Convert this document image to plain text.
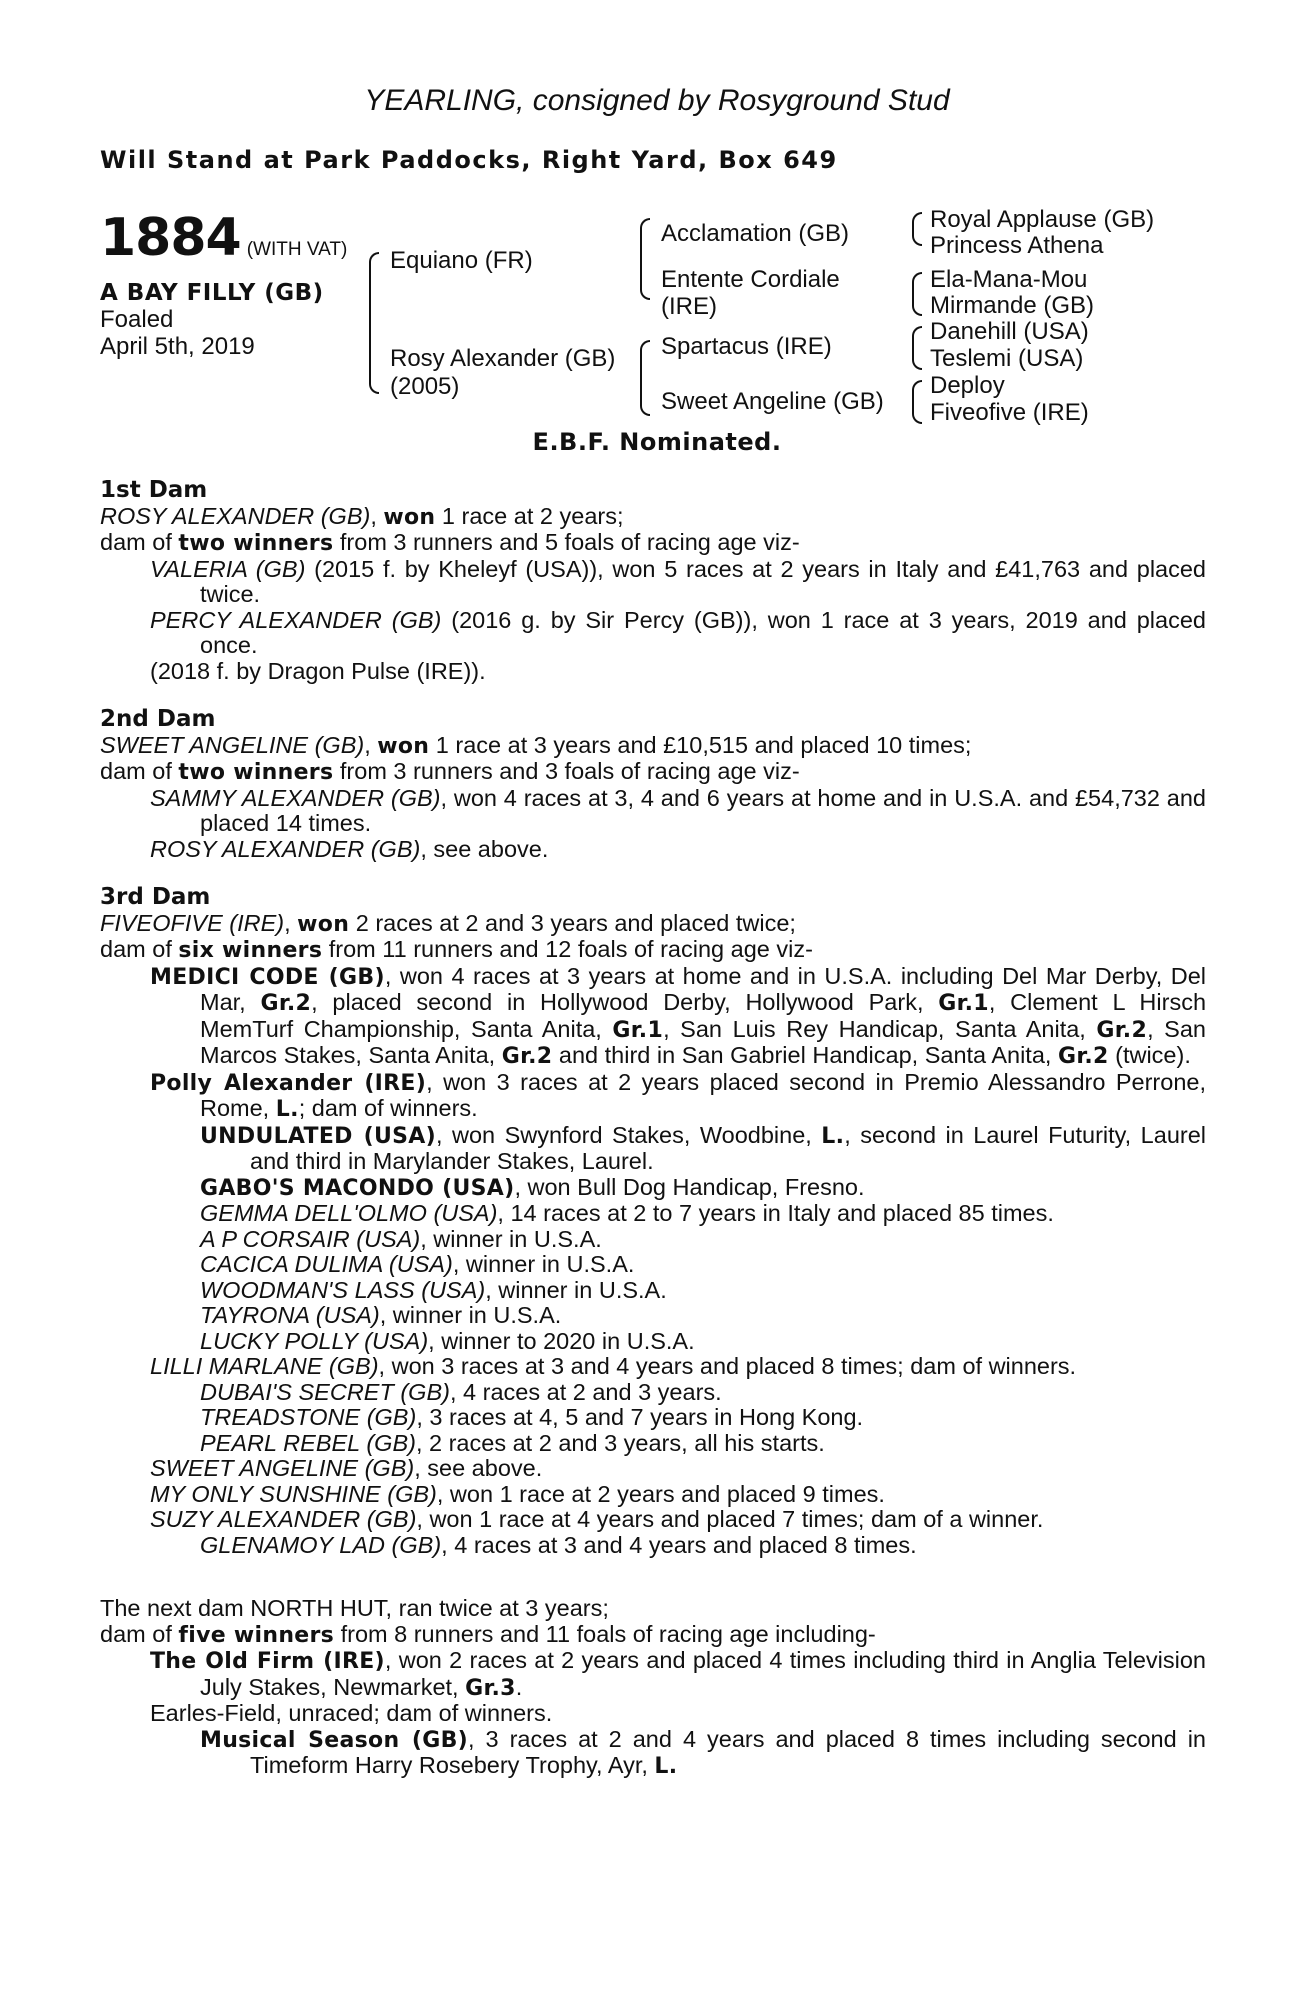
YEARLING, consigned by Rosyground Stud
Will Stand at Park Paddocks, Right Yard, Box 649
1884 (WITH VAT)
A BAY FILLY (GB)
Foaled
April 5th, 2019
Equiano (FR)
Rosy Alexander (GB)
(2005)
Acclamation (GB)
Entente Cordiale
(IRE)
Spartacus (IRE)
Sweet Angeline (GB)
Royal Applause (GB)
Princess Athena
Ela-Mana-Mou
Mirmande (GB)
Danehill (USA)
Teslemi (USA)
Deploy
Fiveofive (IRE)
E.B.F. Nominated.
1st Dam
ROSY ALEXANDER (GB), won 1 race at 2 years;
dam of two winners from 3 runners and 5 foals of racing age viz-
VALERIA (GB) (2015 f. by Kheleyf (USA)), won 5 races at 2 years in Italy and £41,763 and placed twice.
PERCY ALEXANDER (GB) (2016 g. by Sir Percy (GB)), won 1 race at 3 years, 2019 and placed once.
(2018 f. by Dragon Pulse (IRE)).
2nd Dam
SWEET ANGELINE (GB), won 1 race at 3 years and £10,515 and placed 10 times;
dam of two winners from 3 runners and 3 foals of racing age viz-
SAMMY ALEXANDER (GB), won 4 races at 3, 4 and 6 years at home and in U.S.A. and £54,732 and placed 14 times.
ROSY ALEXANDER (GB), see above.
3rd Dam
FIVEOFIVE (IRE), won 2 races at 2 and 3 years and placed twice;
dam of six winners from 11 runners and 12 foals of racing age viz-
MEDICI CODE (GB), won 4 races at 3 years at home and in U.S.A. including Del Mar Derby, Del Mar, Gr.2, placed second in Hollywood Derby, Hollywood Park, Gr.1, Clement L Hirsch MemTurf Championship, Santa Anita, Gr.1, San Luis Rey Handicap, Santa Anita, Gr.2, San Marcos Stakes, Santa Anita, Gr.2 and third in San Gabriel Handicap, Santa Anita, Gr.2 (twice).
Polly Alexander (IRE), won 3 races at 2 years placed second in Premio Alessandro Perrone, Rome, L.; dam of winners.
UNDULATED (USA), won Swynford Stakes, Woodbine, L., second in Laurel Futurity, Laurel and third in Marylander Stakes, Laurel.
GABO'S MACONDO (USA), won Bull Dog Handicap, Fresno.
GEMMA DELL'OLMO (USA), 14 races at 2 to 7 years in Italy and placed 85 times.
A P CORSAIR (USA), winner in U.S.A.
CACICA DULIMA (USA), winner in U.S.A.
WOODMAN'S LASS (USA), winner in U.S.A.
TAYRONA (USA), winner in U.S.A.
LUCKY POLLY (USA), winner to 2020 in U.S.A.
LILLI MARLANE (GB), won 3 races at 3 and 4 years and placed 8 times; dam of winners.
DUBAI'S SECRET (GB), 4 races at 2 and 3 years.
TREADSTONE (GB), 3 races at 4, 5 and 7 years in Hong Kong.
PEARL REBEL (GB), 2 races at 2 and 3 years, all his starts.
SWEET ANGELINE (GB), see above.
MY ONLY SUNSHINE (GB), won 1 race at 2 years and placed 9 times.
SUZY ALEXANDER (GB), won 1 race at 4 years and placed 7 times; dam of a winner.
GLENAMOY LAD (GB), 4 races at 3 and 4 years and placed 8 times.
The next dam NORTH HUT, ran twice at 3 years;
dam of five winners from 8 runners and 11 foals of racing age including-
The Old Firm (IRE), won 2 races at 2 years and placed 4 times including third in Anglia Television July Stakes, Newmarket, Gr.3.
Earles-Field, unraced; dam of winners.
Musical Season (GB), 3 races at 2 and 4 years and placed 8 times including second in Timeform Harry Rosebery Trophy, Ayr, L.
